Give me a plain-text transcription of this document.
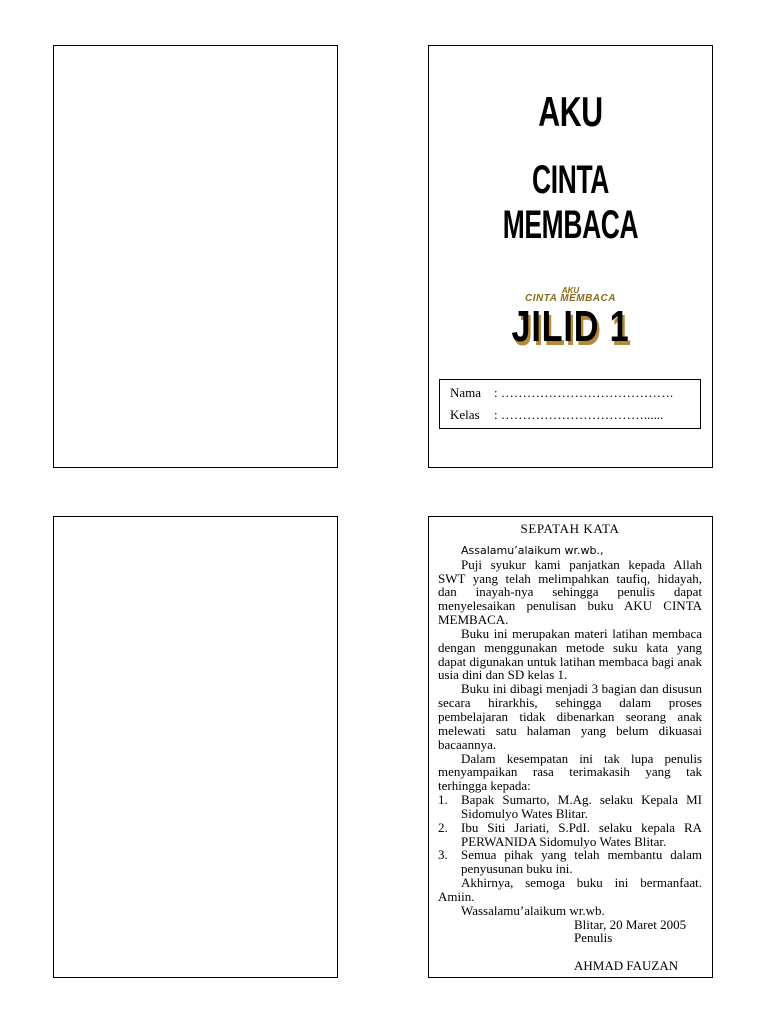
AKU
CINTA MEMBACA
AKU
CINTA MEMBACA
JILID 1
Nama : ………………………………….
Kelas : ……………………………......
SEPATAH KATA
Assalamu’alaikum wr.wb.,

Puji syukur kami panjatkan kepada Allah SWT yang telah melimpahkan taufiq, hidayah, dan inayah-nya sehingga penulis dapat menyelesaikan penulisan buku AKU CINTA MEMBACA.

Buku ini merupakan materi latihan membaca dengan menggunakan metode suku kata yang dapat digunakan untuk latihan membaca bagi anak usia dini dan SD kelas 1.

Buku ini dibagi menjadi 3 bagian dan disusun secara hirarkhis, sehingga dalam proses pembelajaran tidak dibenarkan seorang anak melewati satu halaman yang belum dikuasai bacaannya.

Dalam kesempatan ini tak lupa penulis menyampaikan rasa terimakasih yang tak terhingga kepada:

1. Bapak Sumarto, M.Ag. selaku Kepala MI Sidomulyo Wates Blitar.
2. Ibu Siti Jariati, S.PdI. selaku kepala RA PERWANIDA Sidomulyo Wates Blitar.
3. Semua pihak yang telah membantu dalam penyusunan buku ini.

Akhirnya, semoga buku ini bermanfaat. Amiin.

Wassalamu’alaikum wr.wb.
Blitar, 20 Maret 2005
Penulis
AHMAD FAUZAN
